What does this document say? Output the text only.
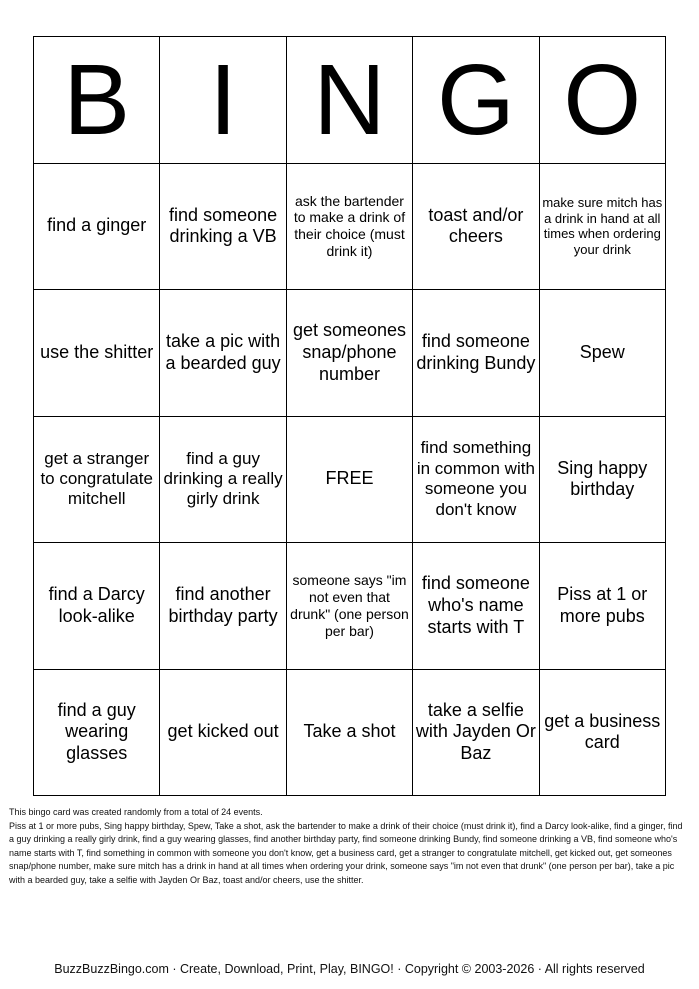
B	I	N	G	O
find a ginger	find someone drinking a VB	ask the bartender to make a drink of their choice (must drink it)	toast and/or cheers	make sure mitch has a drink in hand at all times when ordering your drink
use the shitter	take a pic with a bearded guy	get someones snap/phone number	find someone drinking Bundy	Spew
get a stranger to congratulate mitchell	find a guy drinking a really girly drink	FREE	find something in common with someone you don't know	Sing happy birthday
find a Darcy look-alike	find another birthday party	someone says "im not even that drunk" (one person per bar)	find someone who's name starts with T	Piss at 1 or more pubs
find a guy wearing glasses	get kicked out	Take a shot	take a selfie with Jayden Or Baz	get a business card

This bingo card was created randomly from a total of 24 events.

Piss at 1 or more pubs, Sing happy birthday, Spew, Take a shot, ask the bartender to make a drink of their choice (must drink it), find a Darcy look-alike, find a ginger, find a guy drinking a really girly drink, find a guy wearing glasses, find another birthday party, find someone drinking Bundy, find someone drinking a VB, find someone who's name starts with T, find something in common with someone you don't know, get a business card, get a stranger to congratulate mitchell, get kicked out, get someones snap/phone number, make sure mitch has a drink in hand at all times when ordering your drink, someone says "im not even that drunk" (one person per bar), take a pic with a bearded guy, take a selfie with Jayden Or Baz, toast and/or cheers, use the shitter.

BuzzBuzzBingo.com · Create, Download, Print, Play, BINGO! · Copyright © 2003-2026 · All rights reserved
